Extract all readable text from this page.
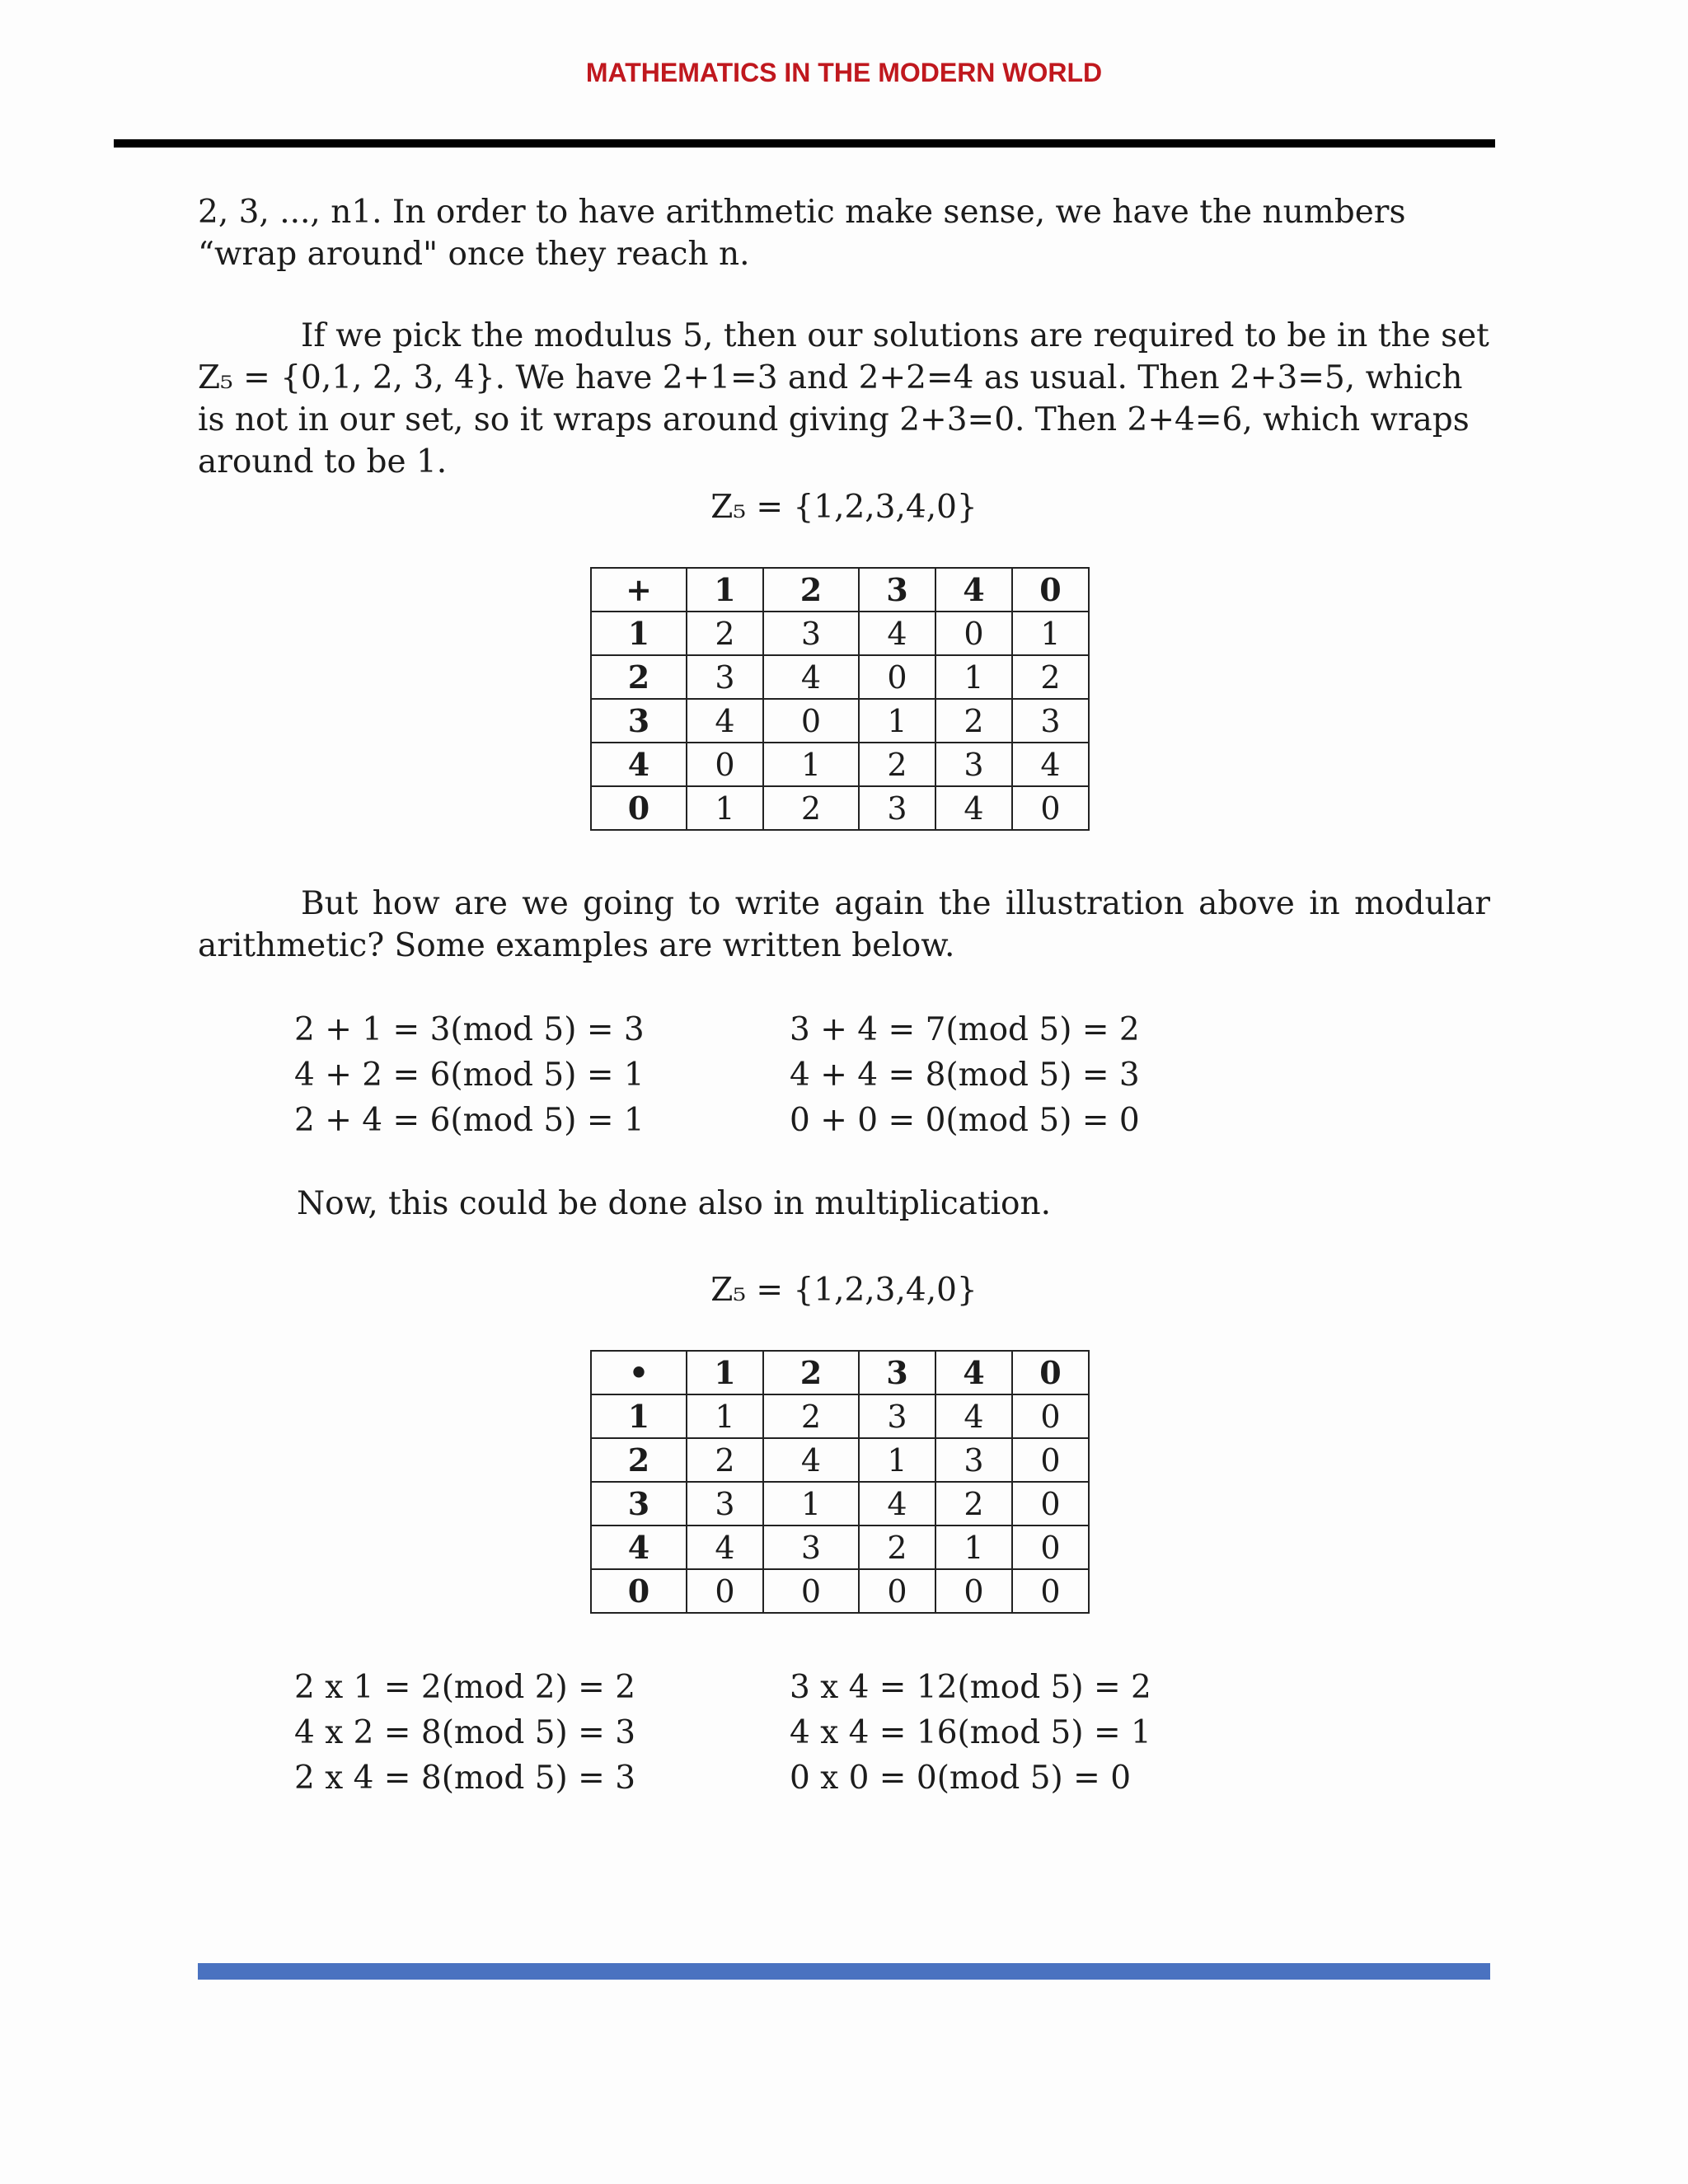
MATHEMATICS IN THE MODERN WORLD

2, 3, ..., n1. In order to have arithmetic make sense, we have the numbers “wrap around" once they reach n.

If we pick the modulus 5, then our solutions are required to be in the set Z₅ = {0,1, 2, 3, 4}. We have 2+1=3 and 2+2=4 as usual. Then 2+3=5, which is not in our set, so it wraps around giving 2+3=0. Then 2+4=6, which wraps around to be 1.

Z₅ = {1,2,3,4,0}
+	1	2	3	4	0
1	2	3	4	0	1
2	3	4	0	1	2
3	4	0	1	2	3
4	0	1	2	3	4
0	1	2	3	4	0

But how are we going to write again the illustration above in modular arithmetic? Some examples are written below.

2 + 1 = 3(mod 5) = 3
4 + 2 = 6(mod 5) = 1
2 + 4 = 6(mod 5) = 1
3 + 4 = 7(mod 5) = 2
4 + 4 = 8(mod 5) = 3
0 + 0 = 0(mod 5) = 0

Now, this could be done also in multiplication.

Z₅ = {1,2,3,4,0}
•	1	2	3	4	0
1	1	2	3	4	0
2	2	4	1	3	0
3	3	1	4	2	0
4	4	3	2	1	0
0	0	0	0	0	0
2 x 1 = 2(mod 2) = 2
4 x 2 = 8(mod 5) = 3
2 x 4 = 8(mod 5) = 3
3 x 4 = 12(mod 5) = 2
4 x 4 = 16(mod 5) = 1
0 x 0 = 0(mod 5) = 0
